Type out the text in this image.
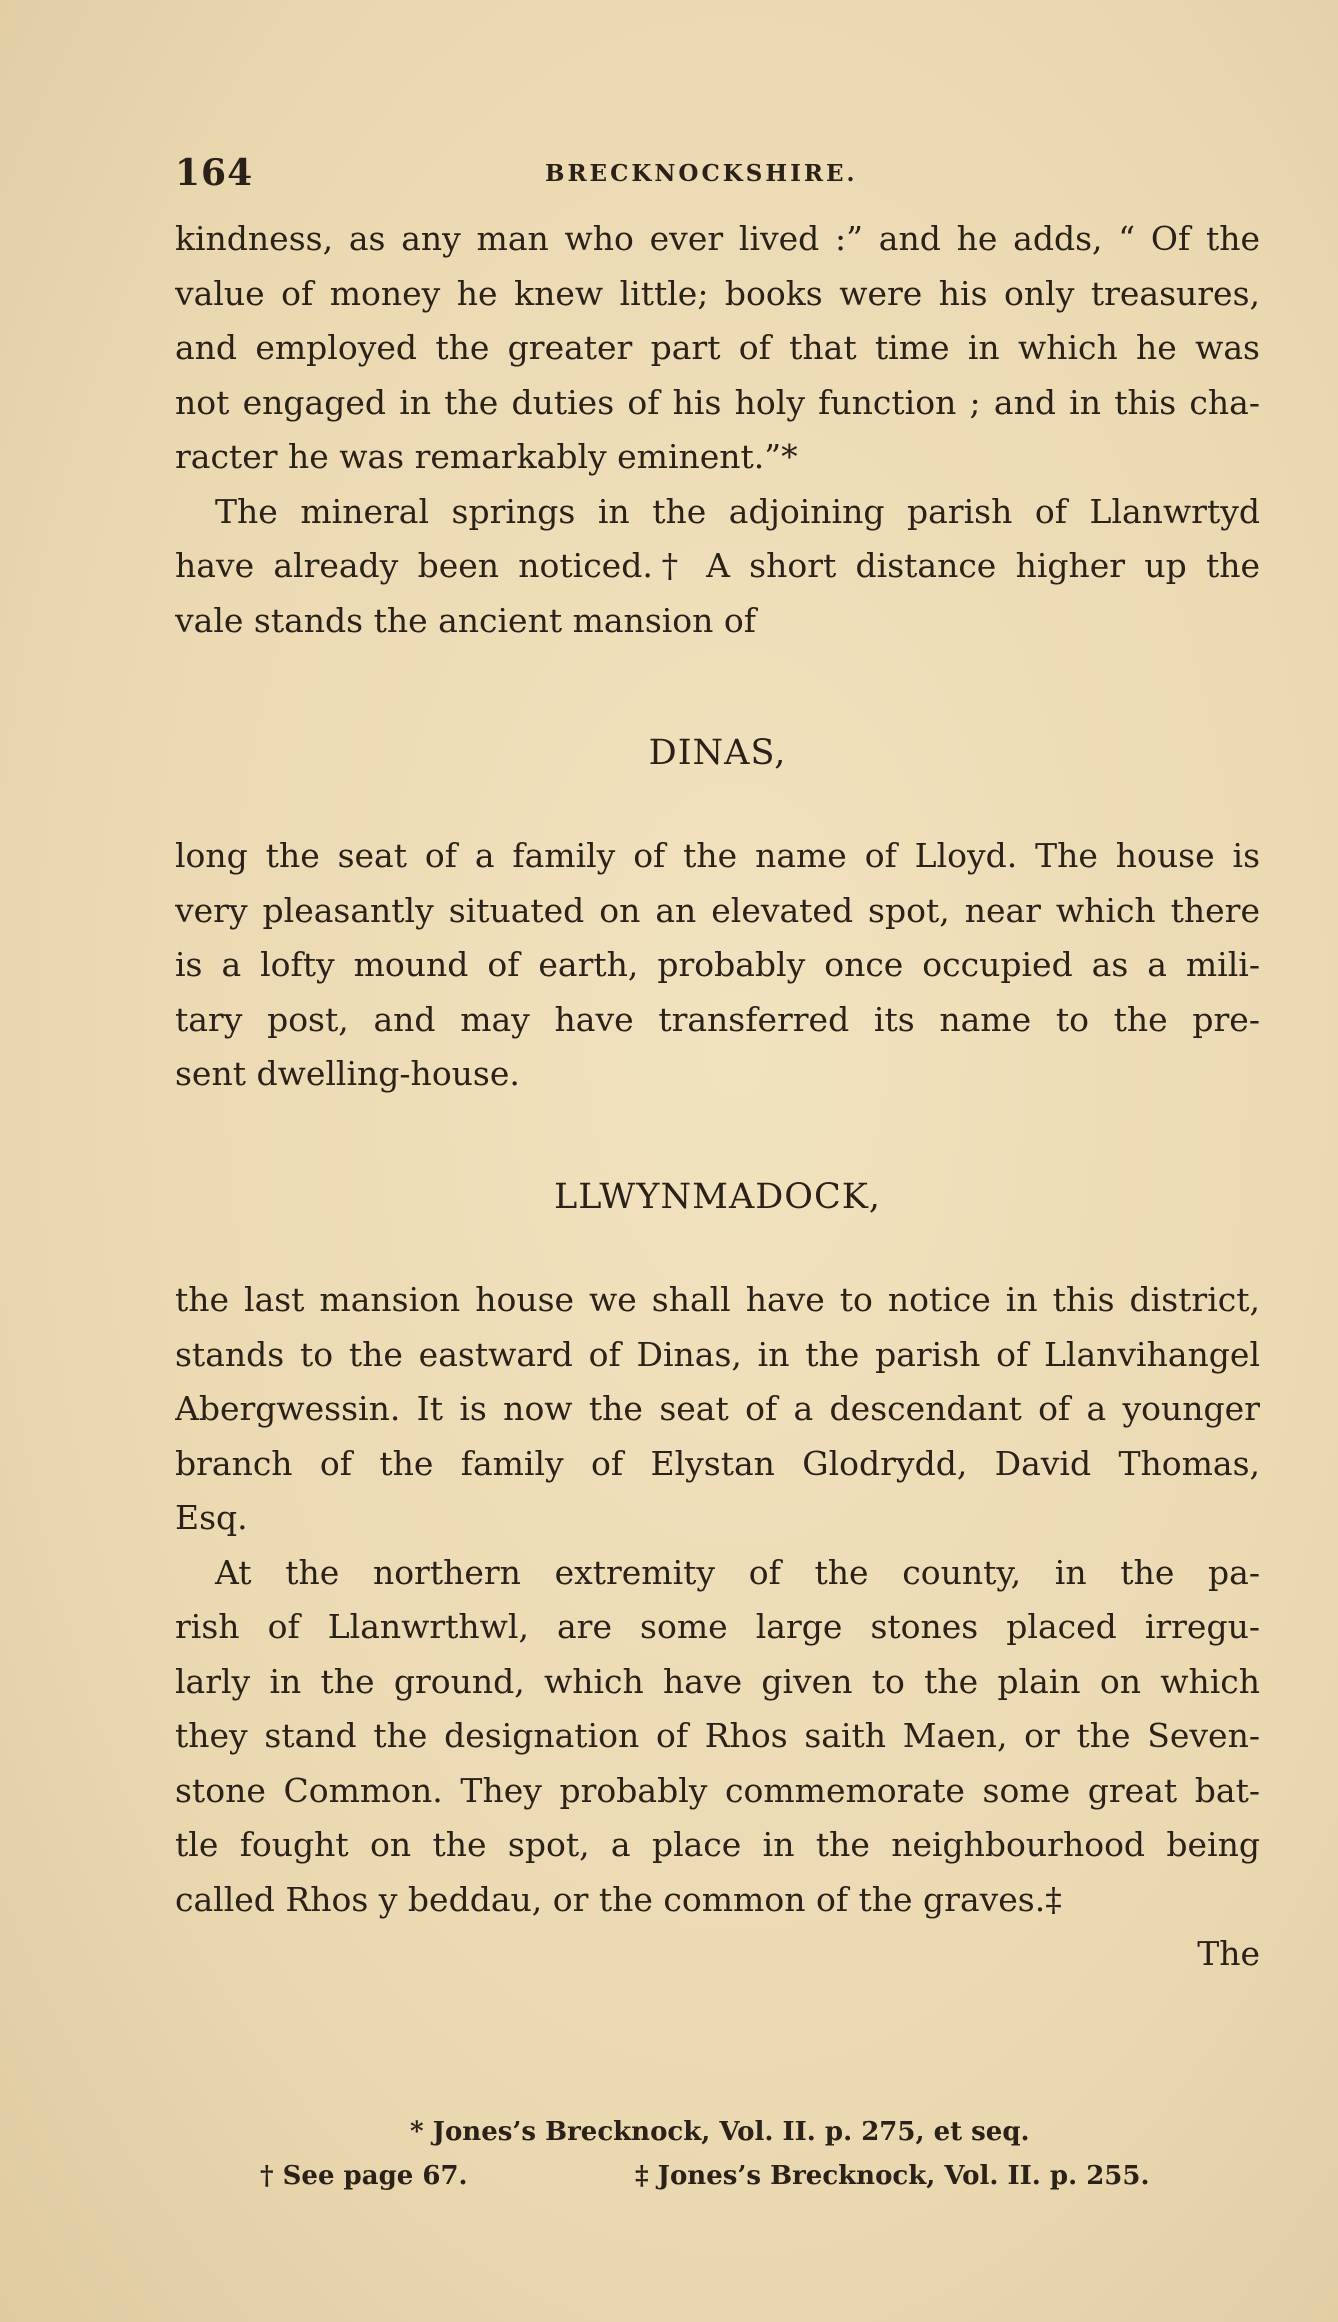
164	BRECKNOCKSHIRE.
kindness, as any man who ever lived :” and he adds, “ Of the
value of money he knew little; books were his only treasures,
and employed the greater part of that time in which he was
not engaged in the duties of his holy function ; and in this cha-
racter he was remarkably eminent.”*
The mineral springs in the adjoining parish of Llanwrtyd
have already been noticed.† A short distance higher up the
vale stands the ancient mansion of
DINAS,
long the seat of a family of the name of Lloyd. The house is
very pleasantly situated on an elevated spot, near which there
is a lofty mound of earth, probably once occupied as a mili-
tary post, and may have transferred its name to the pre-
sent dwelling-house.
LLWYNMADOCK,
the last mansion house we shall have to notice in this district,
stands to the eastward of Dinas, in the parish of Llanvihangel
Abergwessin. It is now the seat of a descendant of a younger
branch of the family of Elystan Glodrydd, David Thomas,
Esq.
At the northern extremity of the county, in the pa-
rish of Llanwrthwl, are some large stones placed irregu-
larly in the ground, which have given to the plain on which
they stand the designation of Rhos saith Maen, or the Seven-
stone Common. They probably commemorate some great bat-
tle fought on the spot, a place in the neighbourhood being
called Rhos y beddau, or the common of the graves.‡
The
* Jones’s Brecknock, Vol. II. p. 275, et seq.
† See page 67.	‡ Jones’s Brecknock, Vol. II. p. 255.
